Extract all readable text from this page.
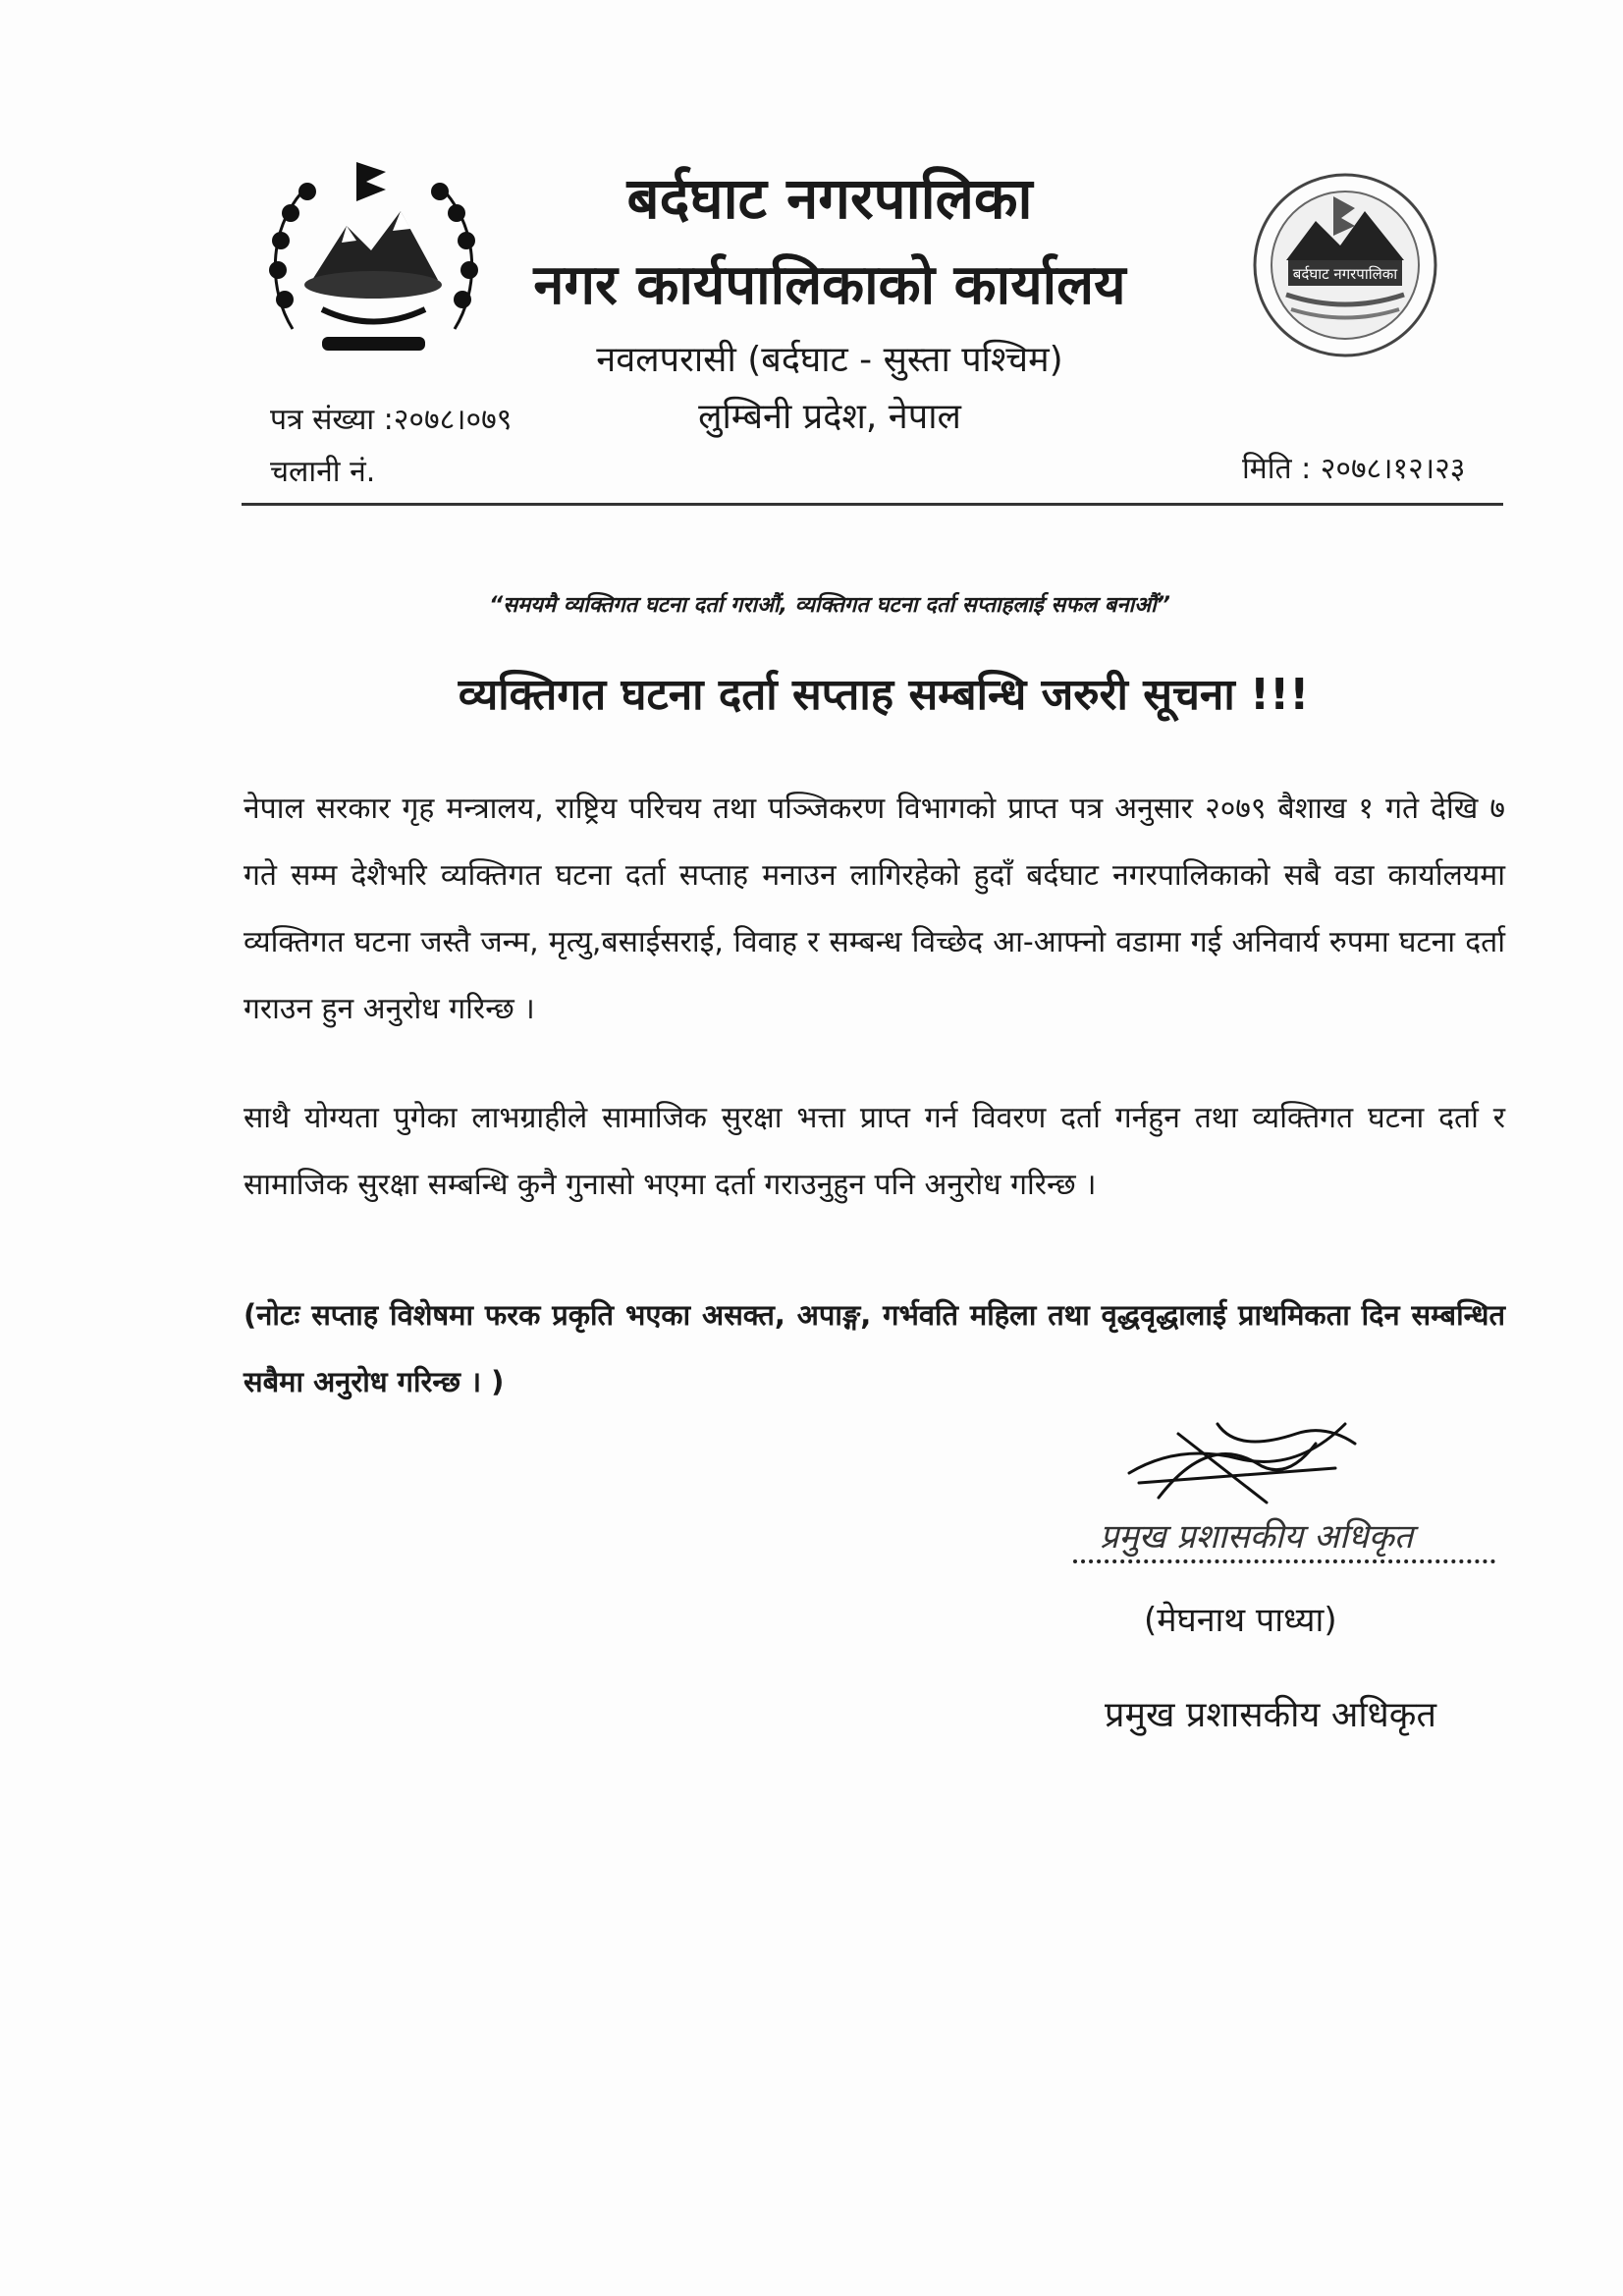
बर्दघाट नगरपालिका
बर्दघाट नगरपालिका
नगर कार्यपालिकाको कार्यालय
नवलपरासी (बर्दघाट - सुस्ता पश्चिम)
लुम्बिनी प्रदेश, नेपाल
पत्र संख्या :२०७८।०७९
चलानी नं.	मिति : २०७८।१२।२३
“समयमै व्यक्तिगत घटना दर्ता गराऔं, व्यक्तिगत घटना दर्ता सप्ताहलाई सफल बनाऔं”
व्यक्तिगत घटना दर्ता सप्ताह सम्बन्धि जरुरी सूचना !!!
नेपाल सरकार गृह मन्त्रालय, राष्ट्रिय परिचय तथा पञ्जिकरण विभागको प्राप्त पत्र अनुसार २०७९ बैशाख १ गते देखि ७ गते सम्म देशैभरि व्यक्तिगत घटना दर्ता सप्ताह मनाउन लागिरहेको हुदाँ बर्दघाट नगरपालिकाको सबै वडा कार्यालयमा व्यक्तिगत घटना जस्तै जन्म, मृत्यु,बसाईसराई, विवाह र सम्बन्ध विच्छेद आ-आफ्नो वडामा गई अनिवार्य रुपमा घटना दर्ता गराउन हुन अनुरोध गरिन्छ ।
साथै योग्यता पुगेका लाभग्राहीले सामाजिक सुरक्षा भत्ता प्राप्त गर्न विवरण दर्ता गर्नहुन तथा व्यक्तिगत घटना दर्ता र सामाजिक सुरक्षा सम्बन्धि कुनै गुनासो भएमा दर्ता गराउनुहुन पनि अनुरोध गरिन्छ ।
(नोटः सप्ताह विशेषमा फरक प्रकृति भएका असक्त, अपाङ्ग, गर्भवति महिला तथा वृद्धवृद्धालाई प्राथमिकता दिन सम्बन्धित सबैमा अनुरोध गरिन्छ । )
प्रमुख प्रशासकीय अधिकृत
(मेघनाथ पाध्या)
प्रमुख प्रशासकीय अधिकृत
